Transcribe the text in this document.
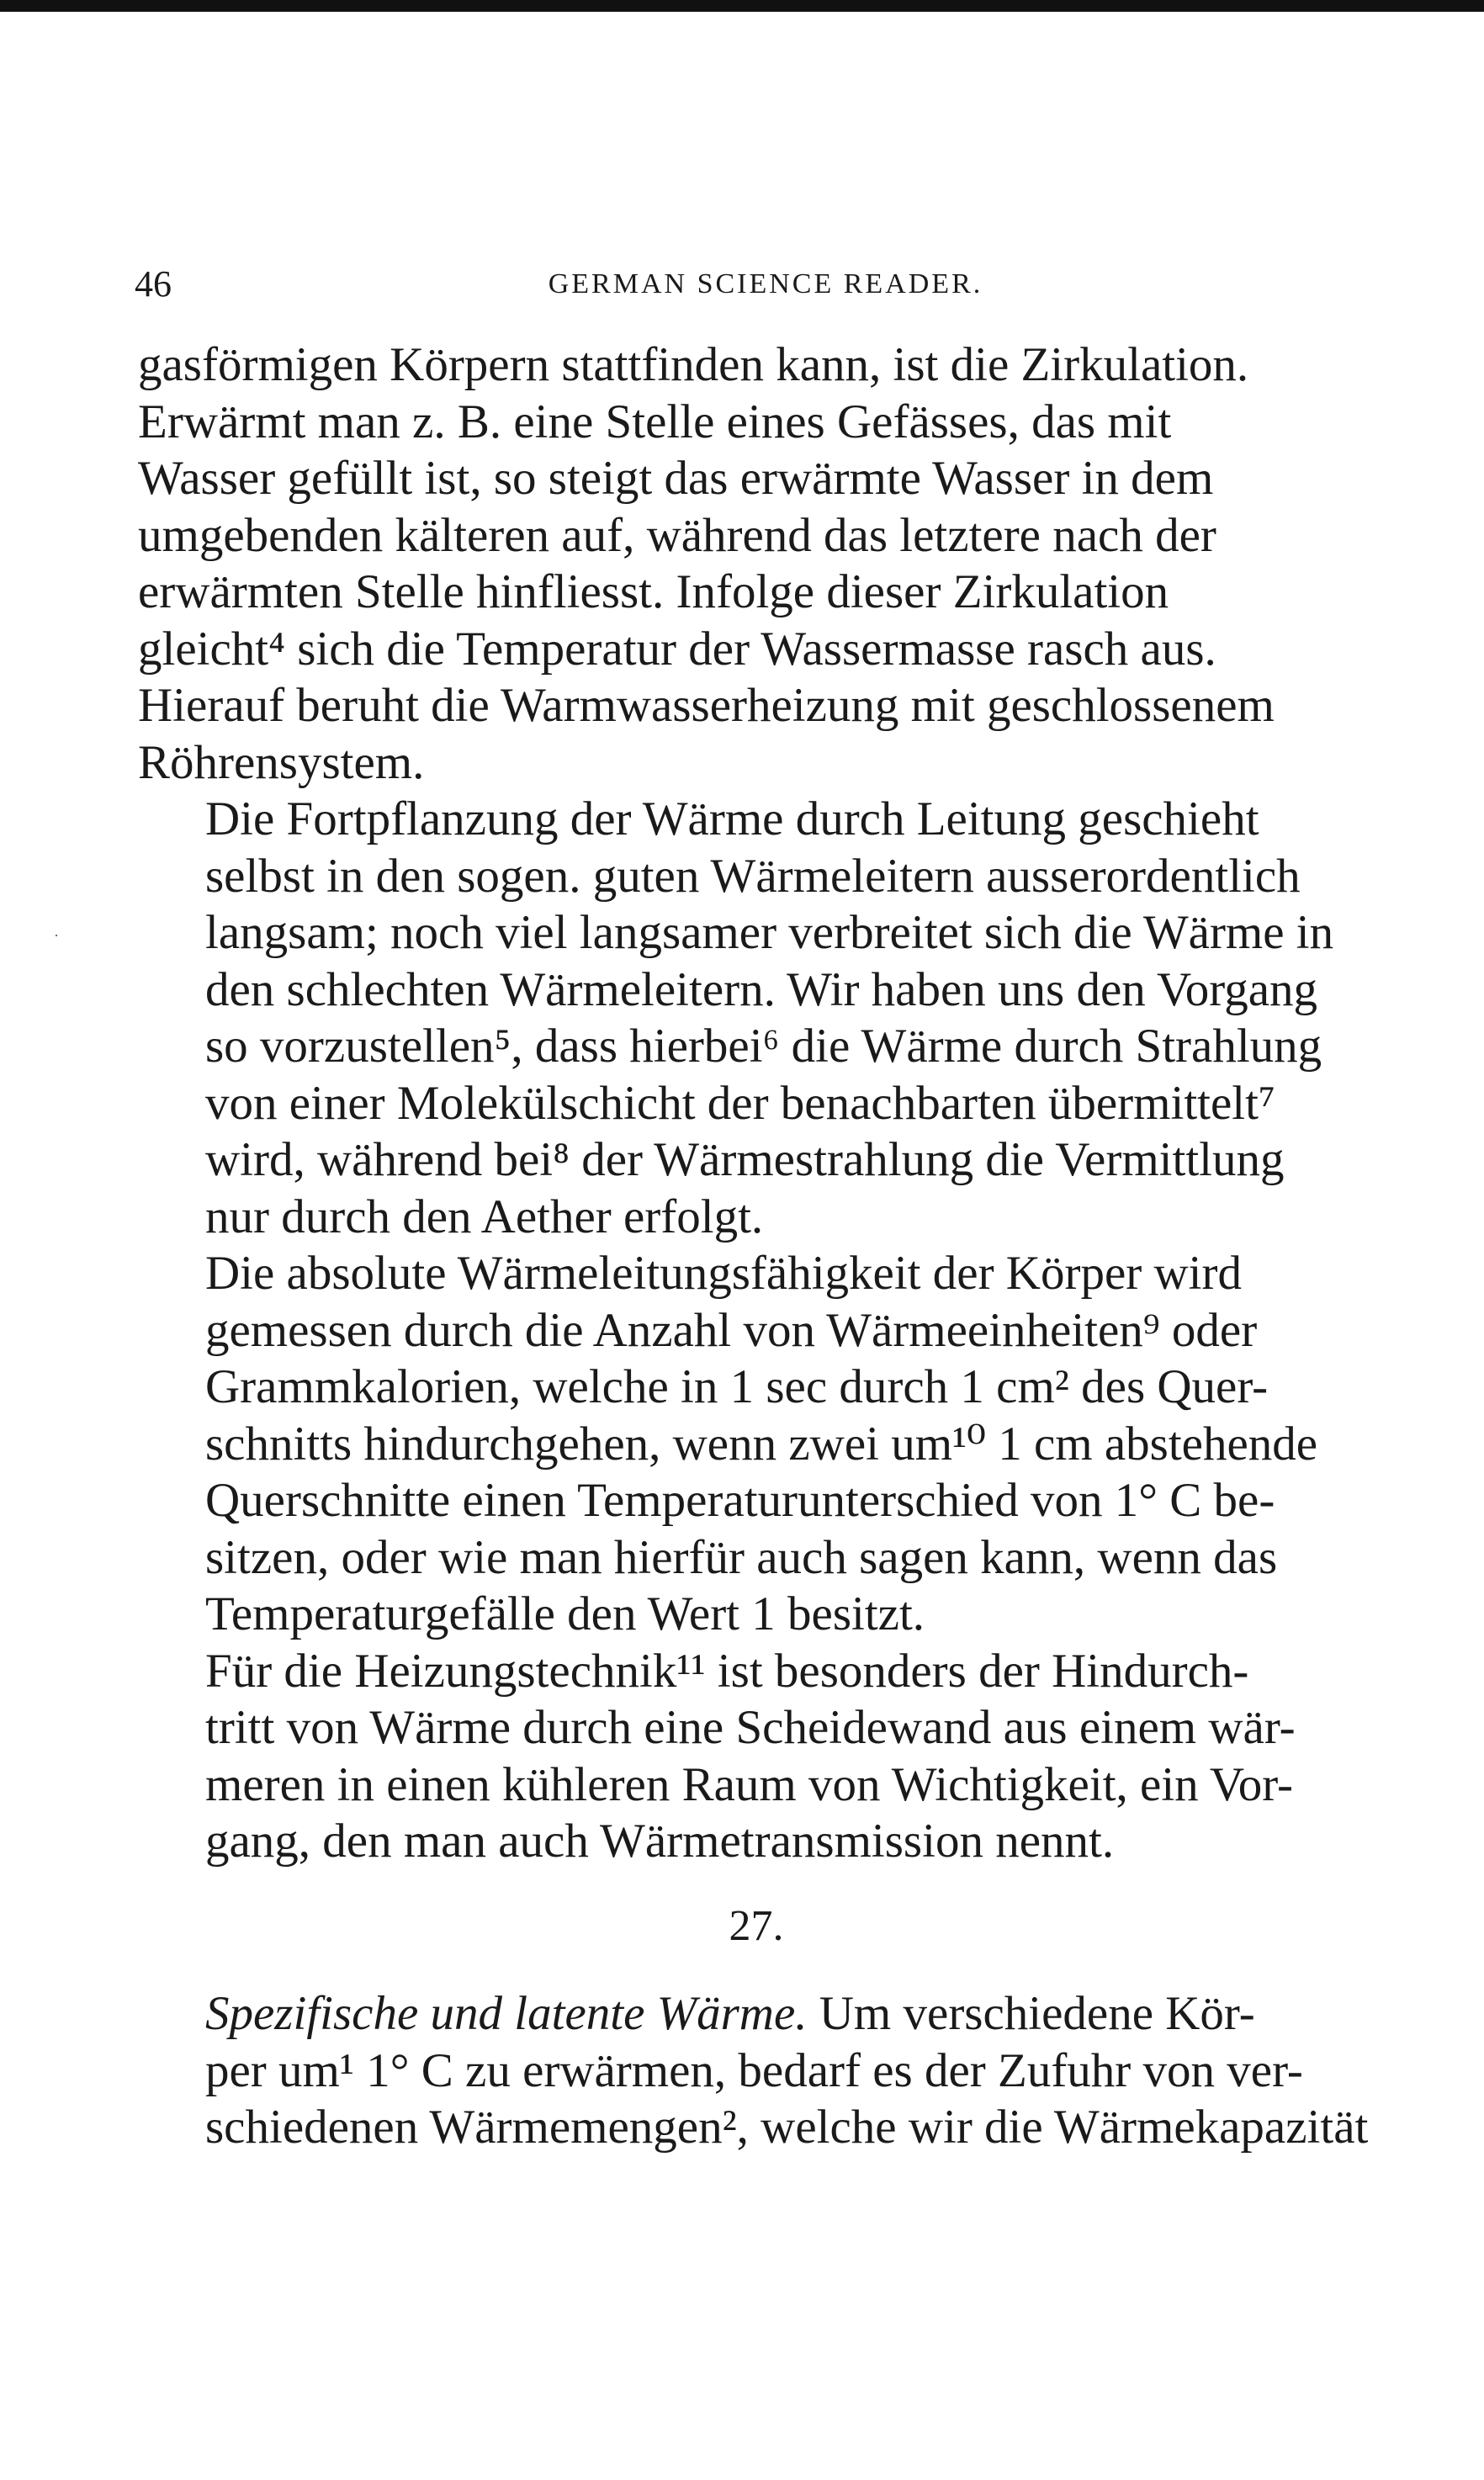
·
46	GERMAN SCIENCE READER.

gasförmigen Körpern stattfinden kann, ist die Zirkulation.
Erwärmt man z. B. eine Stelle eines Gefässes, das mit
Wasser gefüllt ist, so steigt das erwärmte Wasser in dem
umgebenden kälteren auf, während das letztere nach der
erwärmten Stelle hinfliesst. Infolge dieser Zirkulation
gleicht⁴ sich die Temperatur der Wassermasse rasch aus.
Hierauf beruht die Warmwasserheizung mit geschlossenem
Röhrensystem.

Die Fortpflanzung der Wärme durch Leitung geschieht

selbst in den sogen. guten Wärmeleitern ausserordentlich
langsam; noch viel langsamer verbreitet sich die Wärme in
den schlechten Wärmeleitern. Wir haben uns den Vorgang
so vorzustellen⁵, dass hierbei⁶ die Wärme durch Strahlung
von einer Molekülschicht der benachbarten übermittelt⁷
wird, während bei⁸ der Wärmestrahlung die Vermittlung
nur durch den Aether erfolgt.

Die absolute Wärmeleitungsfähigkeit der Körper wird

gemessen durch die Anzahl von Wärmeeinheiten⁹ oder
Grammkalorien, welche in 1 sec durch 1 cm² des Quer-
schnitts hindurchgehen, wenn zwei um¹⁰ 1 cm abstehende
Querschnitte einen Temperaturunterschied von 1° C be-
sitzen, oder wie man hierfür auch sagen kann, wenn das
Temperaturgefälle den Wert 1 besitzt.

Für die Heizungstechnik¹¹ ist besonders der Hindurch-

tritt von Wärme durch eine Scheidewand aus einem wär-
meren in einen kühleren Raum von Wichtigkeit, ein Vor-
gang, den man auch Wärmetransmission nennt.

27.

Spezifische und latente Wärme. Um verschiedene Kör-

per um¹ 1° C zu erwärmen, bedarf es der Zufuhr von ver-
schiedenen Wärmemengen², welche wir die Wärmekapazität
